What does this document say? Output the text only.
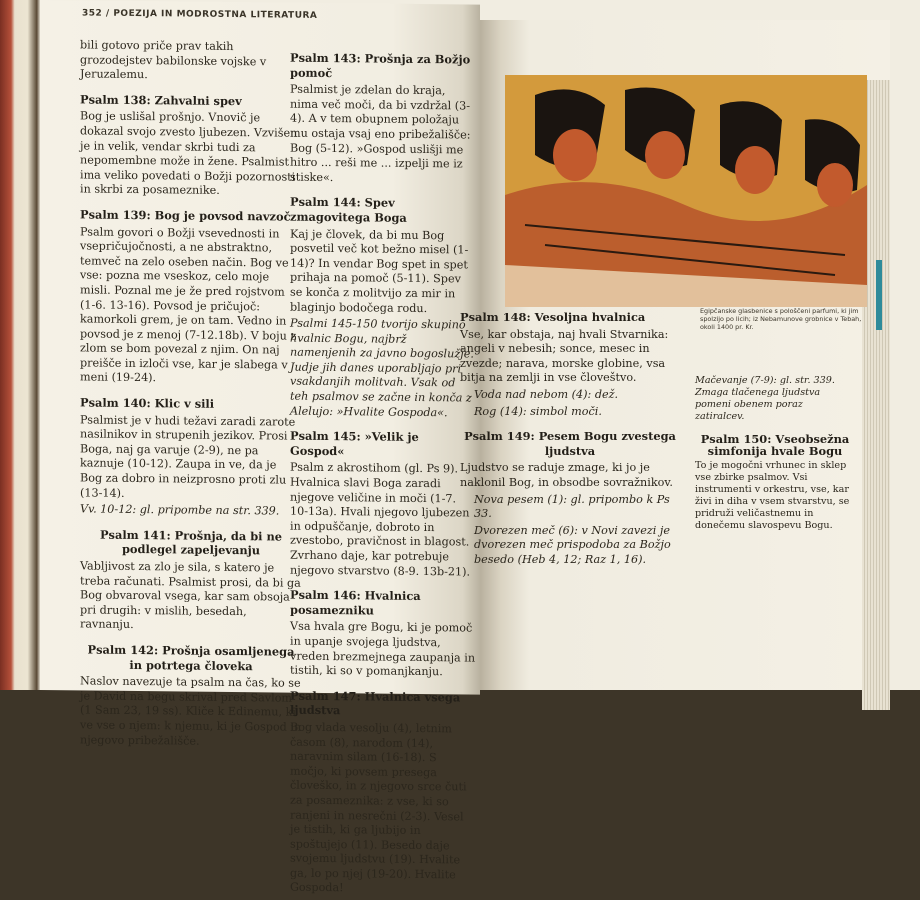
352 / POEZIJA IN MODROSTNA LITERATURA
bili gotovo priče prav takih grozodejstev babilonske vojske v Jeruzalemu.
Psalm 138: Zahvalni spev
Bog je uslišal prošnjo. Vnovič je dokazal svojo zvesto ljubezen. Vzvišen je in velik, vendar skrbi tudi za nepomembne može in žene. Psalmist ima veliko povedati o Božji pozornosti in skrbi za posameznike.
Psalm 139: Bog je povsod navzoč
Psalm govori o Božji vsevednosti in vsepričujočnosti, a ne abstraktno, temveč na zelo oseben način. Bog ve vse: pozna me vseskoz, celo moje misli. Poznal me je že pred rojstvom (1-6. 13-16). Povsod je pričujoč: kamorkoli grem, je on tam. Vedno in povsod je z menoj (7-12.18b). V boju z zlom se bom povezal z njim. On naj preišče in izloči vse, kar je slabega v meni (19-24).
Psalm 140: Klic v sili
Psalmist je v hudi težavi zaradi zarote nasilnikov in strupenih jezikov. Prosi Boga, naj ga varuje (2-9), ne pa kaznuje (10-12). Zaupa in ve, da je Bog za dobro in neizprosno proti zlu (13-14).
Vv. 10-12: gl. pripombe na str. 339.
Psalm 141: Prošnja, da bi ne podlegel zapeljevanju
Vabljivost za zlo je sila, s katero je treba računati. Psalmist prosi, da bi ga Bog obvaroval vsega, kar sam obsoja pri drugih: v mislih, besedah, ravnanju.
Psalm 142: Prošnja osamljenega in potrtega človeka
Naslov navezuje ta psalm na čas, ko se je David na begu skrival pred Savlom (1 Sam 23, 19 ss). Kliče k Edinemu, ki ve vse o njem: k njemu, ki je Gospod in njegovo pribežališče.
Psalm 143: Prošnja za Božjo pomoč
Psalmist je zdelan do kraja, nima več moči, da bi vzdržal (3-4). A v tem obupnem položaju mu ostaja vsaj eno pribežališče: Bog (5-12). »Gospod uslišji me hitro ... reši me ... izpelji me iz stiske«.
Psalm 144: Spev zmagovitega Boga
Kaj je človek, da bi mu Bog posvetil več kot bežno misel (1-14)? In vendar Bog spet in spet prihaja na pomoč (5-11). Spev se konča z molitvijo za mir in blaginjo bodočega rodu.
Psalmi 145-150 tvorijo skupino hvalnic Bogu, najbrž namenjenih za javno bogoslužje. Judje jih danes uporabljajo pri vsakdanjih molitvah. Vsak od teh psalmov se začne in konča z Alelujo: »Hvalite Gospoda«.
Psalm 145: »Velik je Gospod«
Psalm z akrostihom (gl. Ps 9). Hvalnica slavi Boga zaradi njegove veličine in moči (1-7. 10-13a). Hvali njegovo ljubezen in odpuščanje, dobroto in zvestobo, pravičnost in blagost. Zvrhano daje, kar potrebuje njegovo stvarstvo (8-9. 13b-21).
Psalm 146: Hvalnica posamezniku
Vsa hvala gre Bogu, ki je pomoč in upanje svojega ljudstva, vreden brezmejnega zaupanja in tistih, ki so v pomanjkanju.
Psalm 147: Hvalnica vsega ljudstva
Bog vlada vesolju (4), letnim časom (8), narodom (14), naravnim silam (16-18). S močjo, ki povsem presega človeško, in z njegovo srce čuti za posameznika: z vse, ki so ranjeni in nesrečni (2-3). Vesel je tistih, ki ga ljubijo in spoštujejo (11). Besedo daje svojemu ljudstvu (19). Hvalite ga, lo po njej (19-20). Hvalite Gospoda!
Egipčanske glasbenice s pološčeni parfumi, ki jim spolzijo po licih; iz Nebamunove grobnice v Tebah, okoli 1400 pr. Kr.
Psalm 148: Vesoljna hvalnica
Vse, kar obstaja, naj hvali Stvarnika: angeli v nebesih; sonce, mesec in zvezde; narava, morske globine, vsa bitja na zemlji in vse človeštvo.
Voda nad nebom (4): dež.
Rog (14): simbol moči.
Psalm 149: Pesem Bogu zvestega ljudstva
Ljudstvo se raduje zmage, ki jo je naklonil Bog, in obsodbe sovražnikov.
Nova pesem (1): gl. pripombo k Ps 33.
Dvorezen meč (6): v Novi zavezi je dvorezen meč prispodoba za Božjo besedo (Heb 4, 12; Raz 1, 16).
Mačevanje (7-9): gl. str. 339. Zmaga tlačenega ljudstva pomeni obenem poraz zatiralcev.
Psalm 150: Vseobsežna simfonija hvale Bogu
To je mogočni vrhunec in sklep vse zbirke psalmov. Vsi instrumenti v orkestru, vse, kar živi in diha v vsem stvarstvu, se pridruži veličastnemu in donečemu slavospevu Bogu.
